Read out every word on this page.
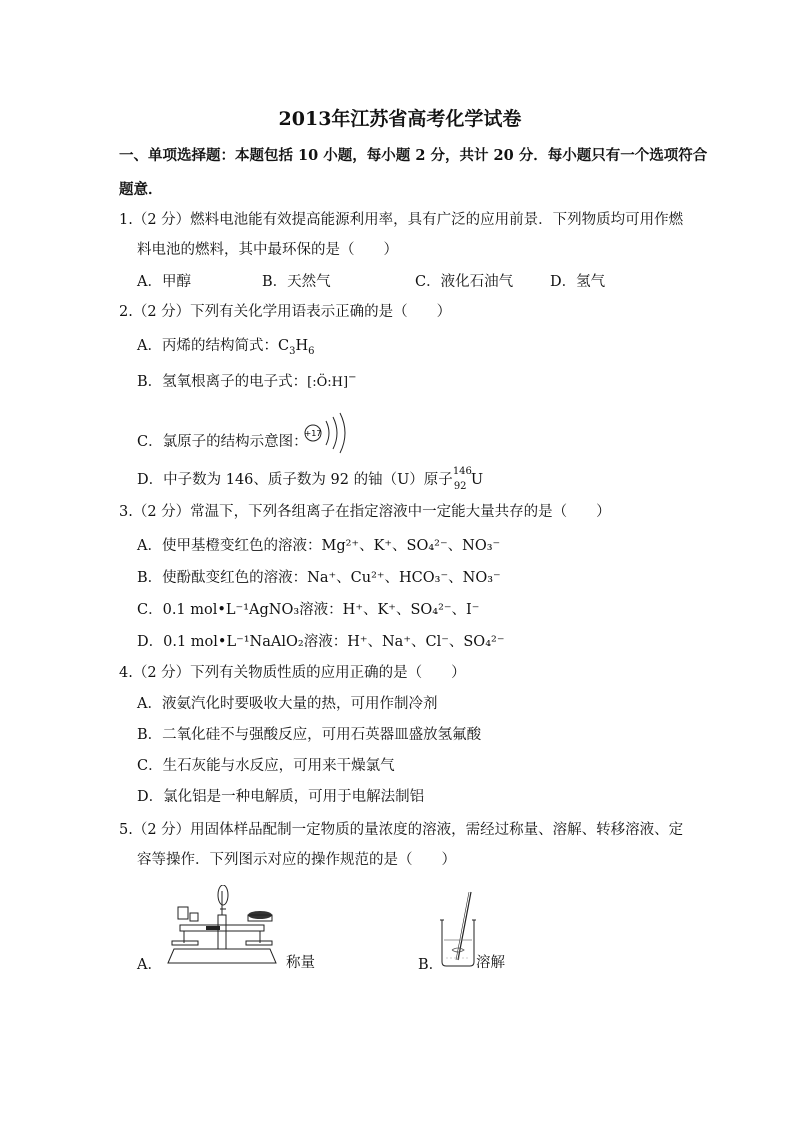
2013年江苏省高考化学试卷
一、单项选择题：本题包括 10 小题，每小题 2 分，共计 20 分．每小题只有一个选项符合
题意．
1.（2 分）燃料电池能有效提高能源利用率，具有广泛的应用前景．下列物质均可用作燃
料电池的燃料，其中最环保的是（　　）
A．甲醇	B．天然气	C．液化石油气	D．氢气
2.（2 分）下列有关化学用语表示正确的是（　　）
A．丙烯的结构简式：$C_3H_6$
B．氢氧根离子的电子式：[:Ö:H]−
C．氯原子的结构示意图：
+17
D．中子数为 146、质子数为 92 的铀（U）原子
146
92 U
3.（2 分）常温下，下列各组离子在指定溶液中一定能大量共存的是（　　）
A．使甲基橙变红色的溶液：Mg²⁺、K⁺、SO₄²⁻、NO₃⁻
B．使酚酞变红色的溶液：Na⁺、Cu²⁺、HCO₃⁻、NO₃⁻
C．0.1 mol•L⁻¹AgNO₃溶液：H⁺、K⁺、SO₄²⁻、I⁻
D．0.1 mol•L⁻¹NaAlO₂溶液：H⁺、Na⁺、Cl⁻、SO₄²⁻
4.（2 分）下列有关物质性质的应用正确的是（　　）
A．液氨汽化时要吸收大量的热，可用作制冷剂
B．二氧化硅不与强酸反应，可用石英器皿盛放氢氟酸
C．生石灰能与水反应，可用来干燥氯气
D．氯化铝是一种电解质，可用于电解法制铝
5.（2 分）用固体样品配制一定物质的量浓度的溶液，需经过称量、溶解、转移溶液、定
容等操作．下列图示对应的操作规范的是（　　）
A．	称量	B． 溶解
